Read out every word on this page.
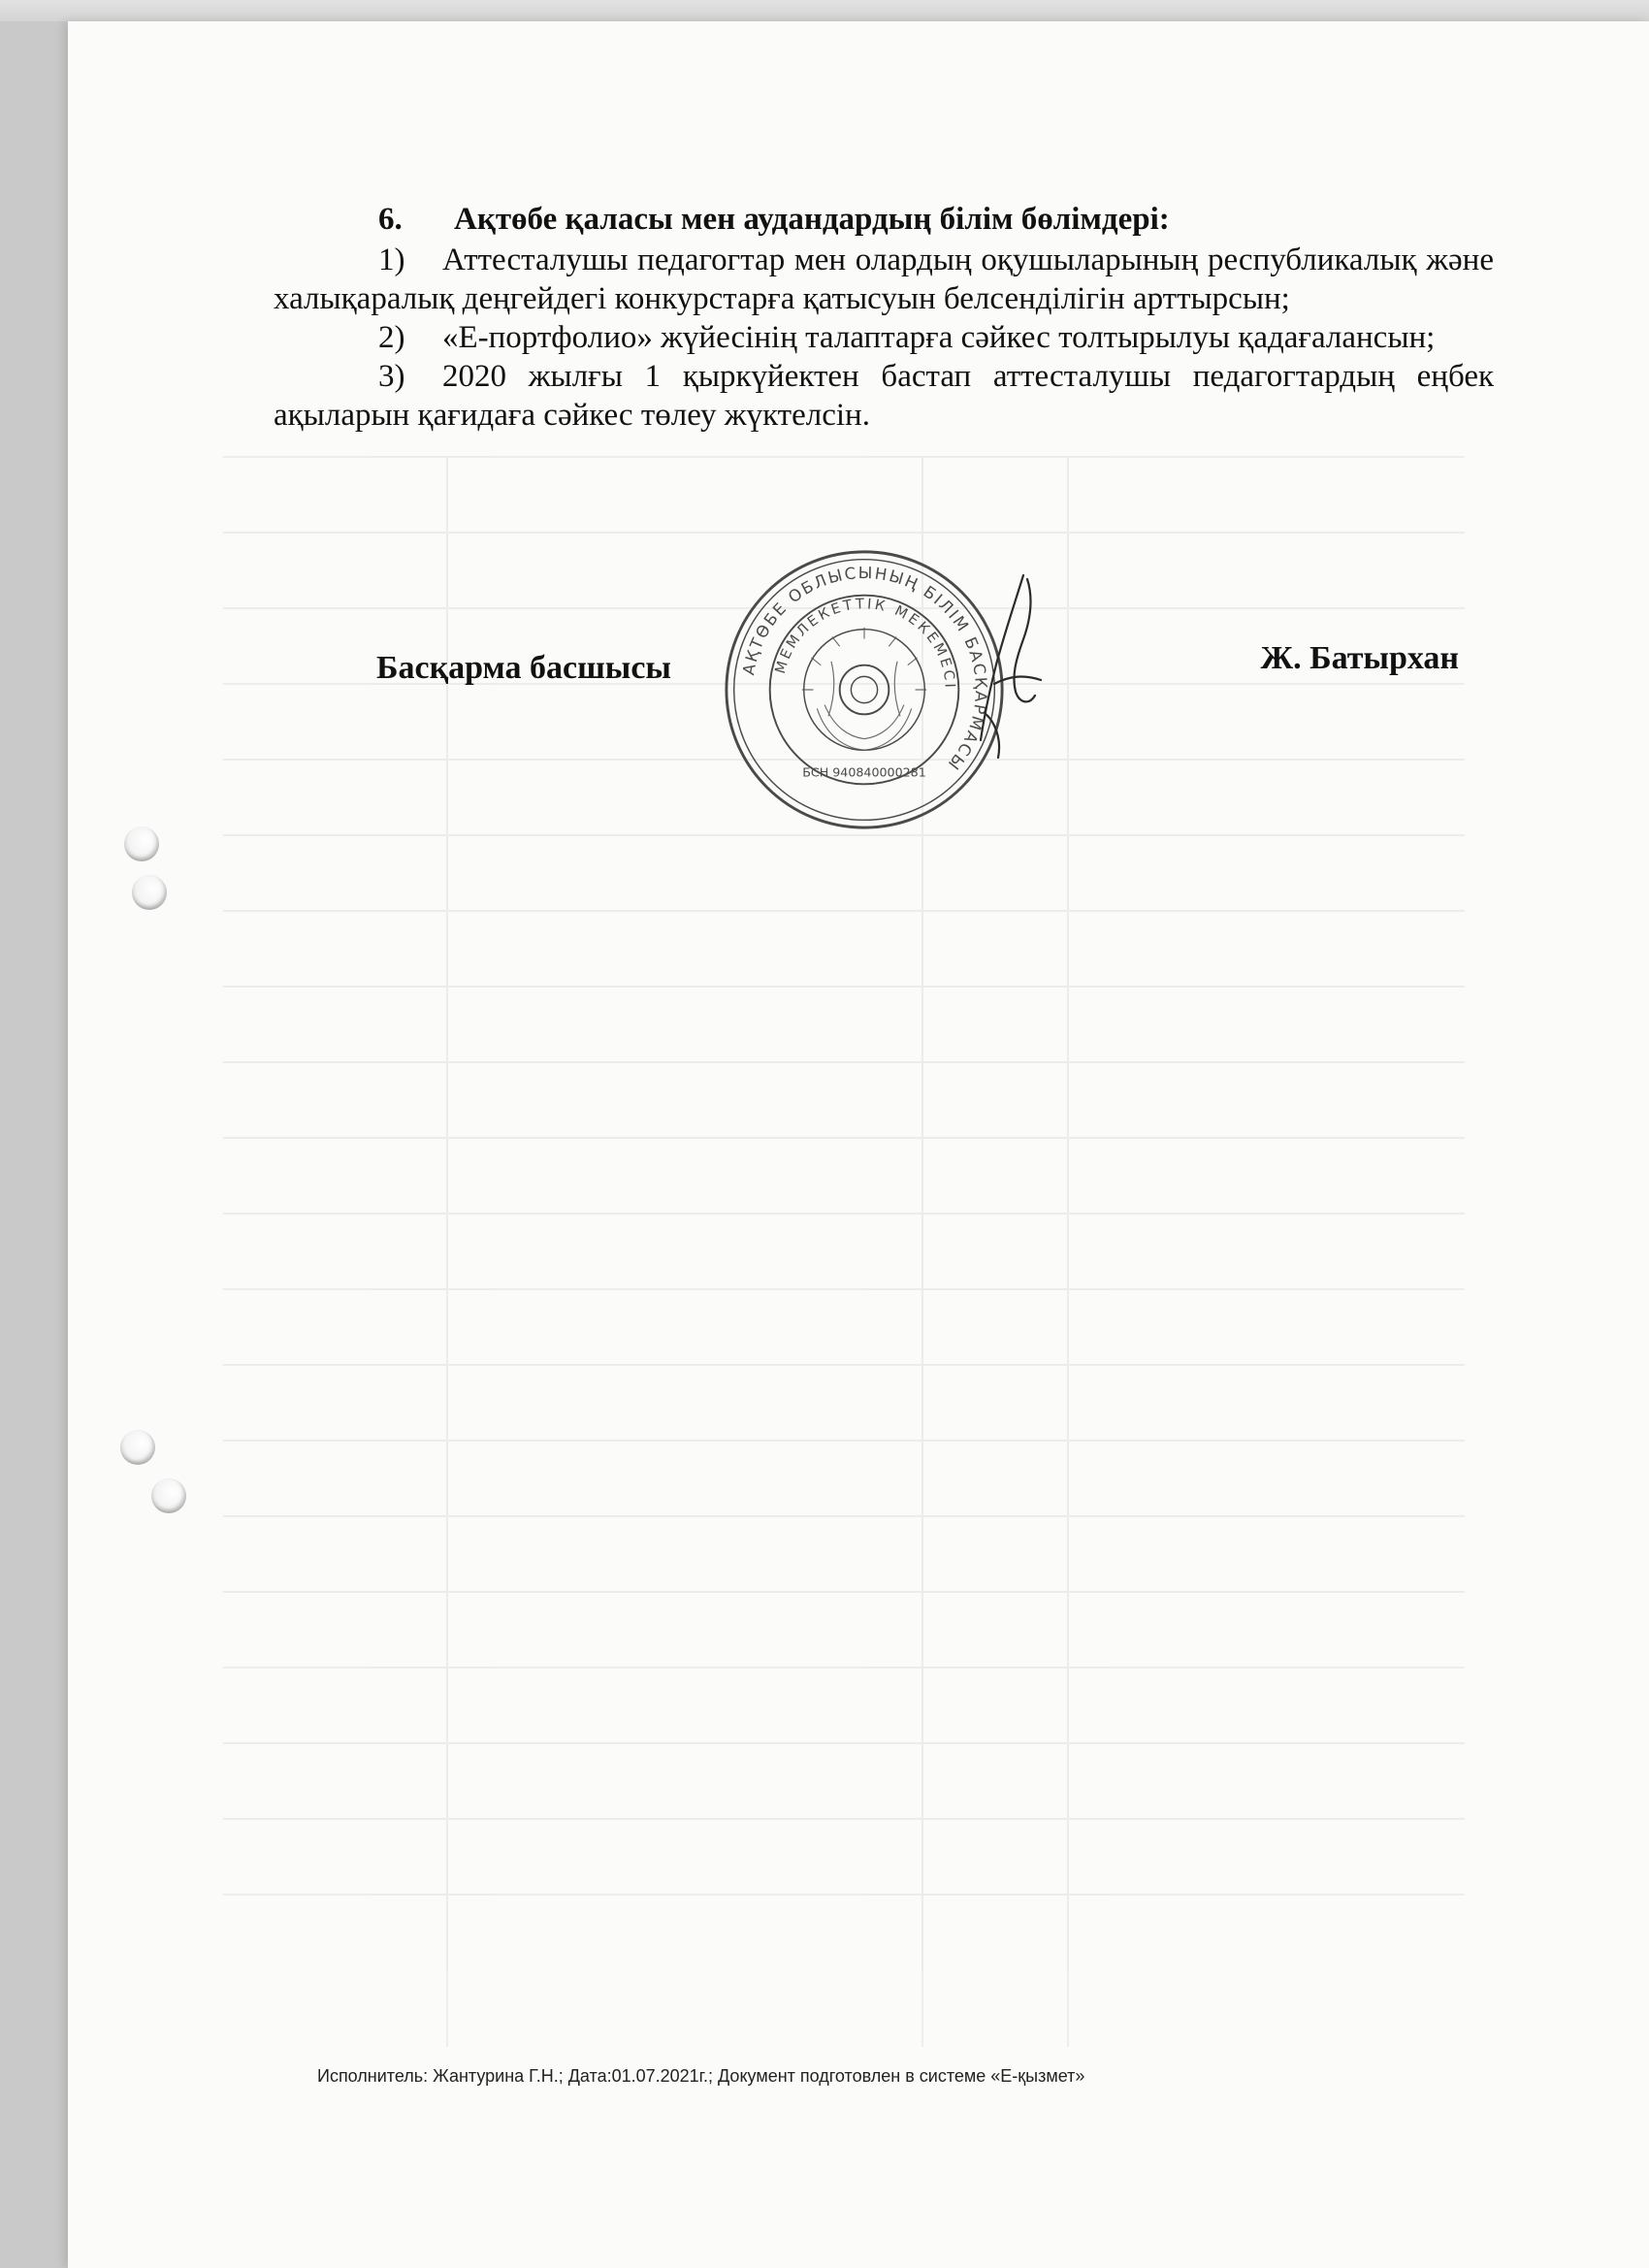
6. Ақтөбе қаласы мен аудандардың білім бөлімдері:

1) Аттесталушы педагогтар мен олардың оқушыларының республикалық және халықаралық деңгейдегі конкурстарға қатысуын белсенділігін арттырсын;

2) «Е-портфолио» жүйесінің талаптарға сәйкес толтырылуы қадағалансын;

3) 2020 жылғы 1 қыркүйектен бастап аттесталушы педагогтардың еңбек ақыларын қағидаға сәйкес төлеу жүктелсін.

Басқарма басшысы	Ж. Батырхан
АҚТӨБЕ ОБЛЫСЫНЫҢ БІЛІМ БАСҚАРМАСЫ
МЕМЛЕКЕТТІК МЕКЕМЕСІ
БСН 940840000281
Исполнитель: Жантурина Г.Н.; Дата:01.07.2021г.; Документ подготовлен в системе «Е-қызмет»
